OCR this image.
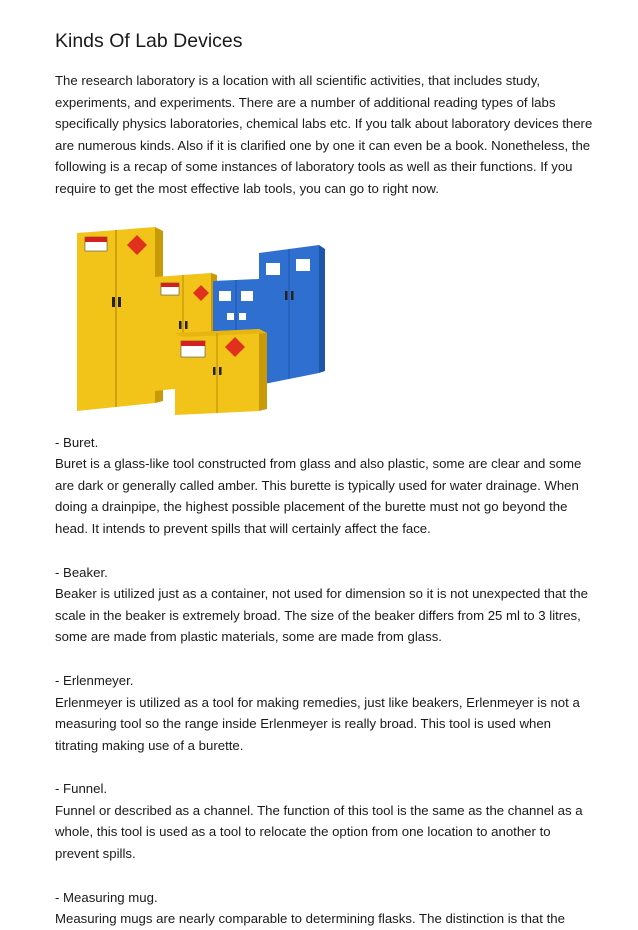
Kinds Of Lab Devices

The research laboratory is a location with all scientific activities, that includes study, experiments, and experiments. There are a number of additional reading types of labs specifically physics laboratories, chemical labs etc. If you talk about laboratory devices there are numerous kinds. Also if it is clarified one by one it can even be a book. Nonetheless, the following is a recap of some instances of laboratory tools as well as their functions. If you require to get the most effective lab tools, you can go to right now.

- Buret.

Buret is a glass-like tool constructed from glass and also plastic, some are clear and some are dark or generally called amber. This burette is typically used for water drainage. When doing a drainpipe, the highest possible placement of the burette must not go beyond the head. It intends to prevent spills that will certainly affect the face.

- Beaker.

Beaker is utilized just as a container, not used for dimension so it is not unexpected that the scale in the beaker is extremely broad. The size of the beaker differs from 25 ml to 3 litres, some are made from plastic materials, some are made from glass.

- Erlenmeyer.

Erlenmeyer is utilized as a tool for making remedies, just like beakers, Erlenmeyer is not a measuring tool so the range inside Erlenmeyer is really broad. This tool is used when titrating making use of a burette.

- Funnel.

Funnel or described as a channel. The function of this tool is the same as the channel as a whole, this tool is used as a tool to relocate the option from one location to another to prevent spills.

- Measuring mug.

Measuring mugs are nearly comparable to determining flasks. The distinction is that the
